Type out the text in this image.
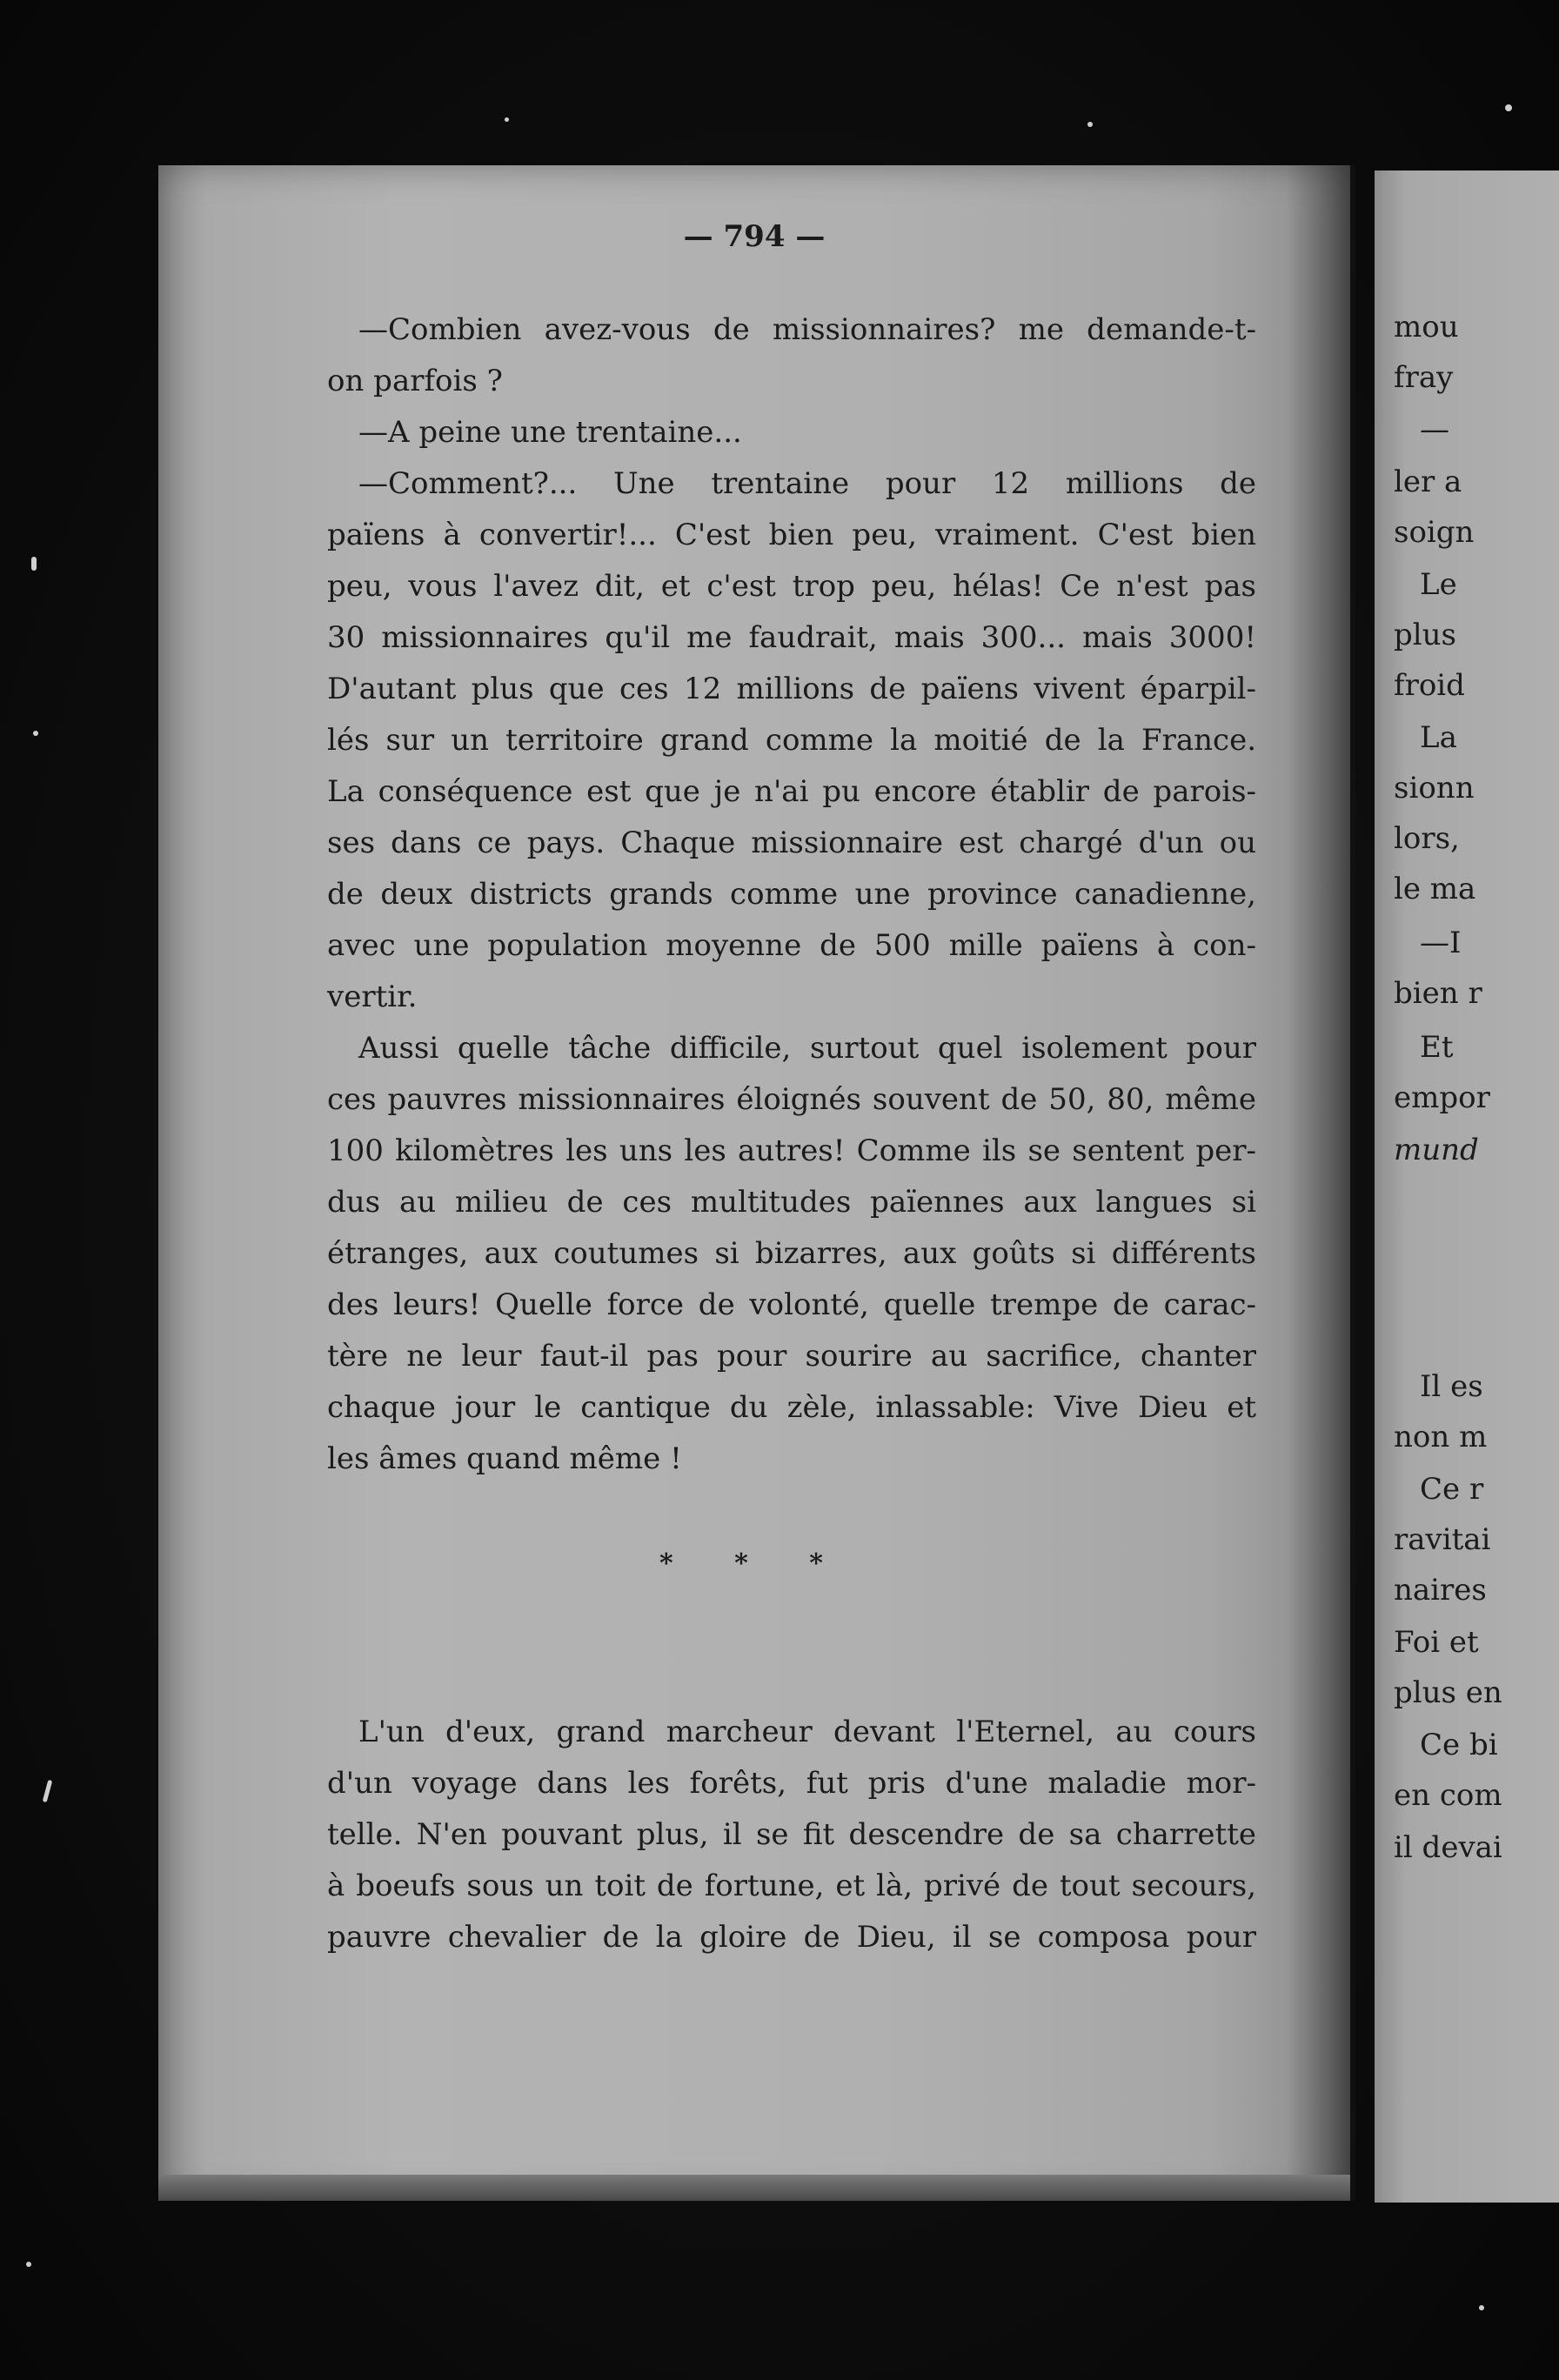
— 794 —
—Combien avez-vous de missionnaires? me demande-t-
on parfois ?
—A peine une trentaine...
—Comment?... Une trentaine pour 12 millions de
païens à convertir!... C'est bien peu, vraiment. C'est bien
peu, vous l'avez dit, et c'est trop peu, hélas! Ce n'est pas
30 missionnaires qu'il me faudrait, mais 300... mais 3000!
D'autant plus que ces 12 millions de païens vivent éparpil-
lés sur un territoire grand comme la moitié de la France.
La conséquence est que je n'ai pu encore établir de parois-
ses dans ce pays. Chaque missionnaire est chargé d'un ou
de deux districts grands comme une province canadienne,
avec une population moyenne de 500 mille païens à con-
vertir.
Aussi quelle tâche difficile, surtout quel isolement pour
ces pauvres missionnaires éloignés souvent de 50, 80, même
100 kilomètres les uns les autres! Comme ils se sentent per-
dus au milieu de ces multitudes païennes aux langues si
étranges, aux coutumes si bizarres, aux goûts si différents
des leurs! Quelle force de volonté, quelle trempe de carac-
tère ne leur faut-il pas pour sourire au sacrifice, chanter
chaque jour le cantique du zèle, inlassable: Vive Dieu et
les âmes quand même !
* * *
L'un d'eux, grand marcheur devant l'Eternel, au cours
d'un voyage dans les forêts, fut pris d'une maladie mor-
telle. N'en pouvant plus, il se fit descendre de sa charrette
à boeufs sous un toit de fortune, et là, privé de tout secours,
pauvre chevalier de la gloire de Dieu, il se composa pour
mou
fray
—
ler a
soign
Le
plus
froid
La
sionn
lors,
le ma
—I
bien r
Et
empor
mund
Il es
non m
Ce r
ravitai
naires
Foi et
plus en
Ce bi
en com
il devai
